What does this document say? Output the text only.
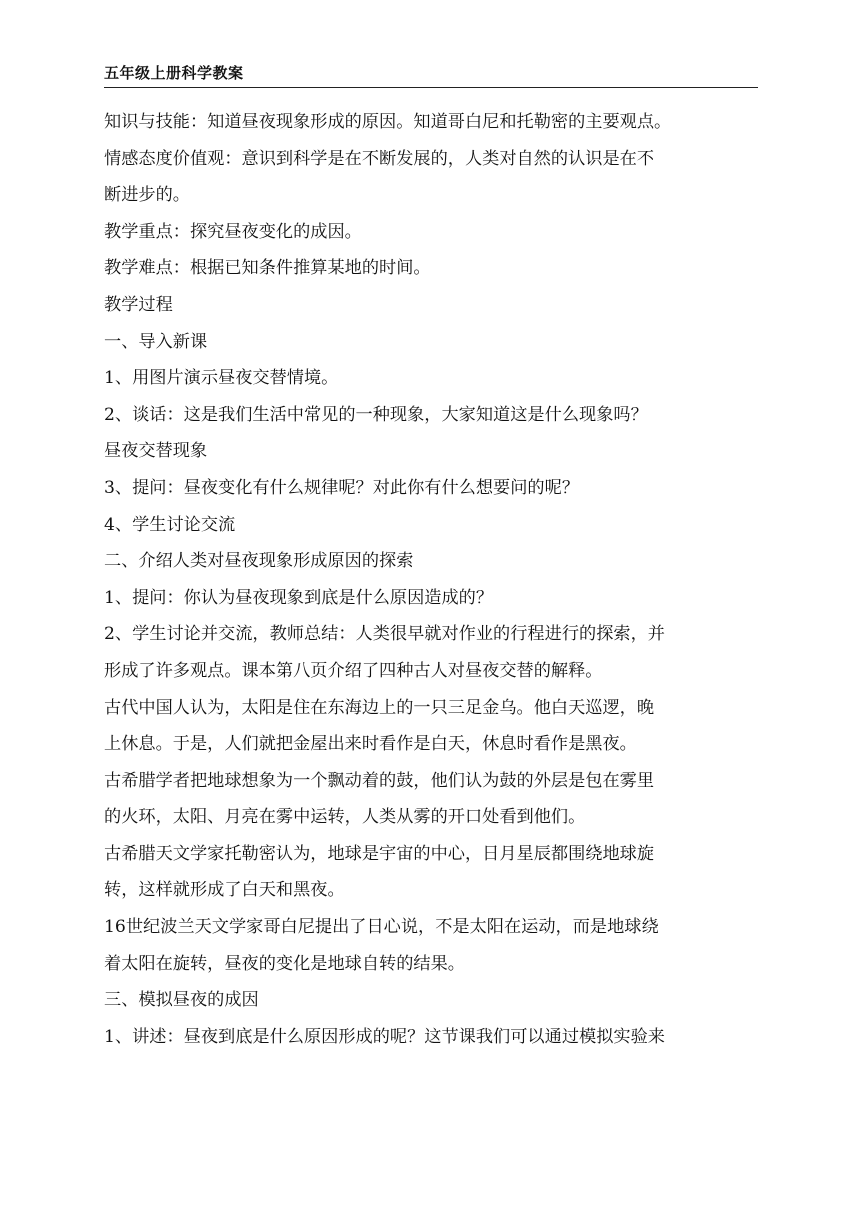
五年级上册科学教案
知识与技能：知道昼夜现象形成的原因。知道哥白尼和托勒密的主要观点。
情感态度价值观：意识到科学是在不断发展的，人类对自然的认识是在不
断进步的。
教学重点：探究昼夜变化的成因。
教学难点：根据已知条件推算某地的时间。
教学过程
一、导入新课
1、用图片演示昼夜交替情境。
2、谈话：这是我们生活中常见的一种现象，大家知道这是什么现象吗？
昼夜交替现象
3、提问：昼夜变化有什么规律呢？对此你有什么想要问的呢？
4、学生讨论交流
二、介绍人类对昼夜现象形成原因的探索
1、提问：你认为昼夜现象到底是什么原因造成的？
2、学生讨论并交流，教师总结：人类很早就对作业的行程进行的探索，并
形成了许多观点。课本第八页介绍了四种古人对昼夜交替的解释。
古代中国人认为，太阳是住在东海边上的一只三足金乌。他白天巡逻，晚
上休息。于是，人们就把金屋出来时看作是白天，休息时看作是黑夜。
古希腊学者把地球想象为一个飘动着的鼓，他们认为鼓的外层是包在雾里
的火环，太阳、月亮在雾中运转，人类从雾的开口处看到他们。
古希腊天文学家托勒密认为，地球是宇宙的中心，日月星辰都围绕地球旋
转，这样就形成了白天和黑夜。
16世纪波兰天文学家哥白尼提出了日心说，不是太阳在运动，而是地球绕
着太阳在旋转，昼夜的变化是地球自转的结果。
三、模拟昼夜的成因
1、讲述：昼夜到底是什么原因形成的呢？这节课我们可以通过模拟实验来
